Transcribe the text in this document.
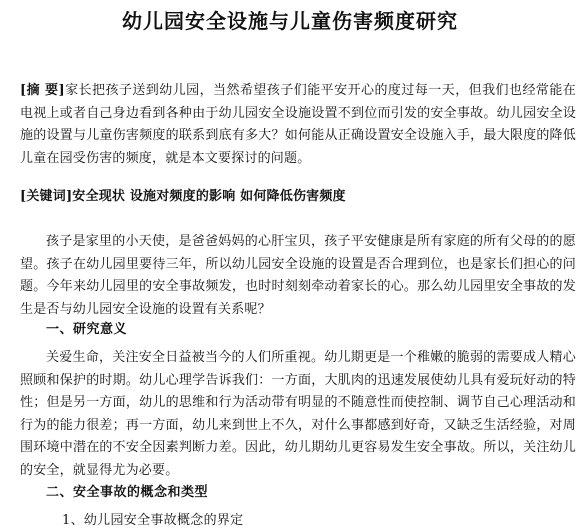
幼儿园安全设施与儿童伤害频度研究
[摘 要]家长把孩子送到幼儿园，当然希望孩子们能平安开心的度过每一天，但我们也经常能在电视上或者自己身边看到各种由于幼儿园安全设施设置不到位而引发的安全事故。幼儿园安全设施的设置与儿童伤害频度的联系到底有多大？如何能从正确设置安全设施入手，最大限度的降低儿童在园受伤害的频度，就是本文要探讨的问题。
[关键词]安全现状 设施对频度的影响 如何降低伤害频度
孩子是家里的小天使，是爸爸妈妈的心肝宝贝，孩子平安健康是所有家庭的所有父母的的愿望。孩子在幼儿园里要待三年，所以幼儿园安全设施的设置是否合理到位，也是家长们担心的问题。今年来幼儿园里的安全事故频发，也时时刻刻牵动着家长的心。那么幼儿园里安全事故的发生是否与幼儿园安全设施的设置有关系呢？
一、研究意义
关爱生命，关注安全日益被当今的人们所重视。幼儿期更是一个稚嫩的脆弱的需要成人精心照顾和保护的时期。幼儿心理学告诉我们：一方面，大肌肉的迅速发展使幼儿具有爱玩好动的特性；但是另一方面，幼儿的思维和行为活动带有明显的不随意性而使控制、调节自己心理活动和行为的能力很差；再一方面，幼儿来到世上不久，对什么事都感到好奇，又缺乏生活经验，对周围环境中潜在的不安全因素判断力差。因此，幼儿期幼儿更容易发生安全事故。所以，关注幼儿的安全，就显得尤为必要。
二、安全事故的概念和类型
1、幼儿园安全事故概念的界定
